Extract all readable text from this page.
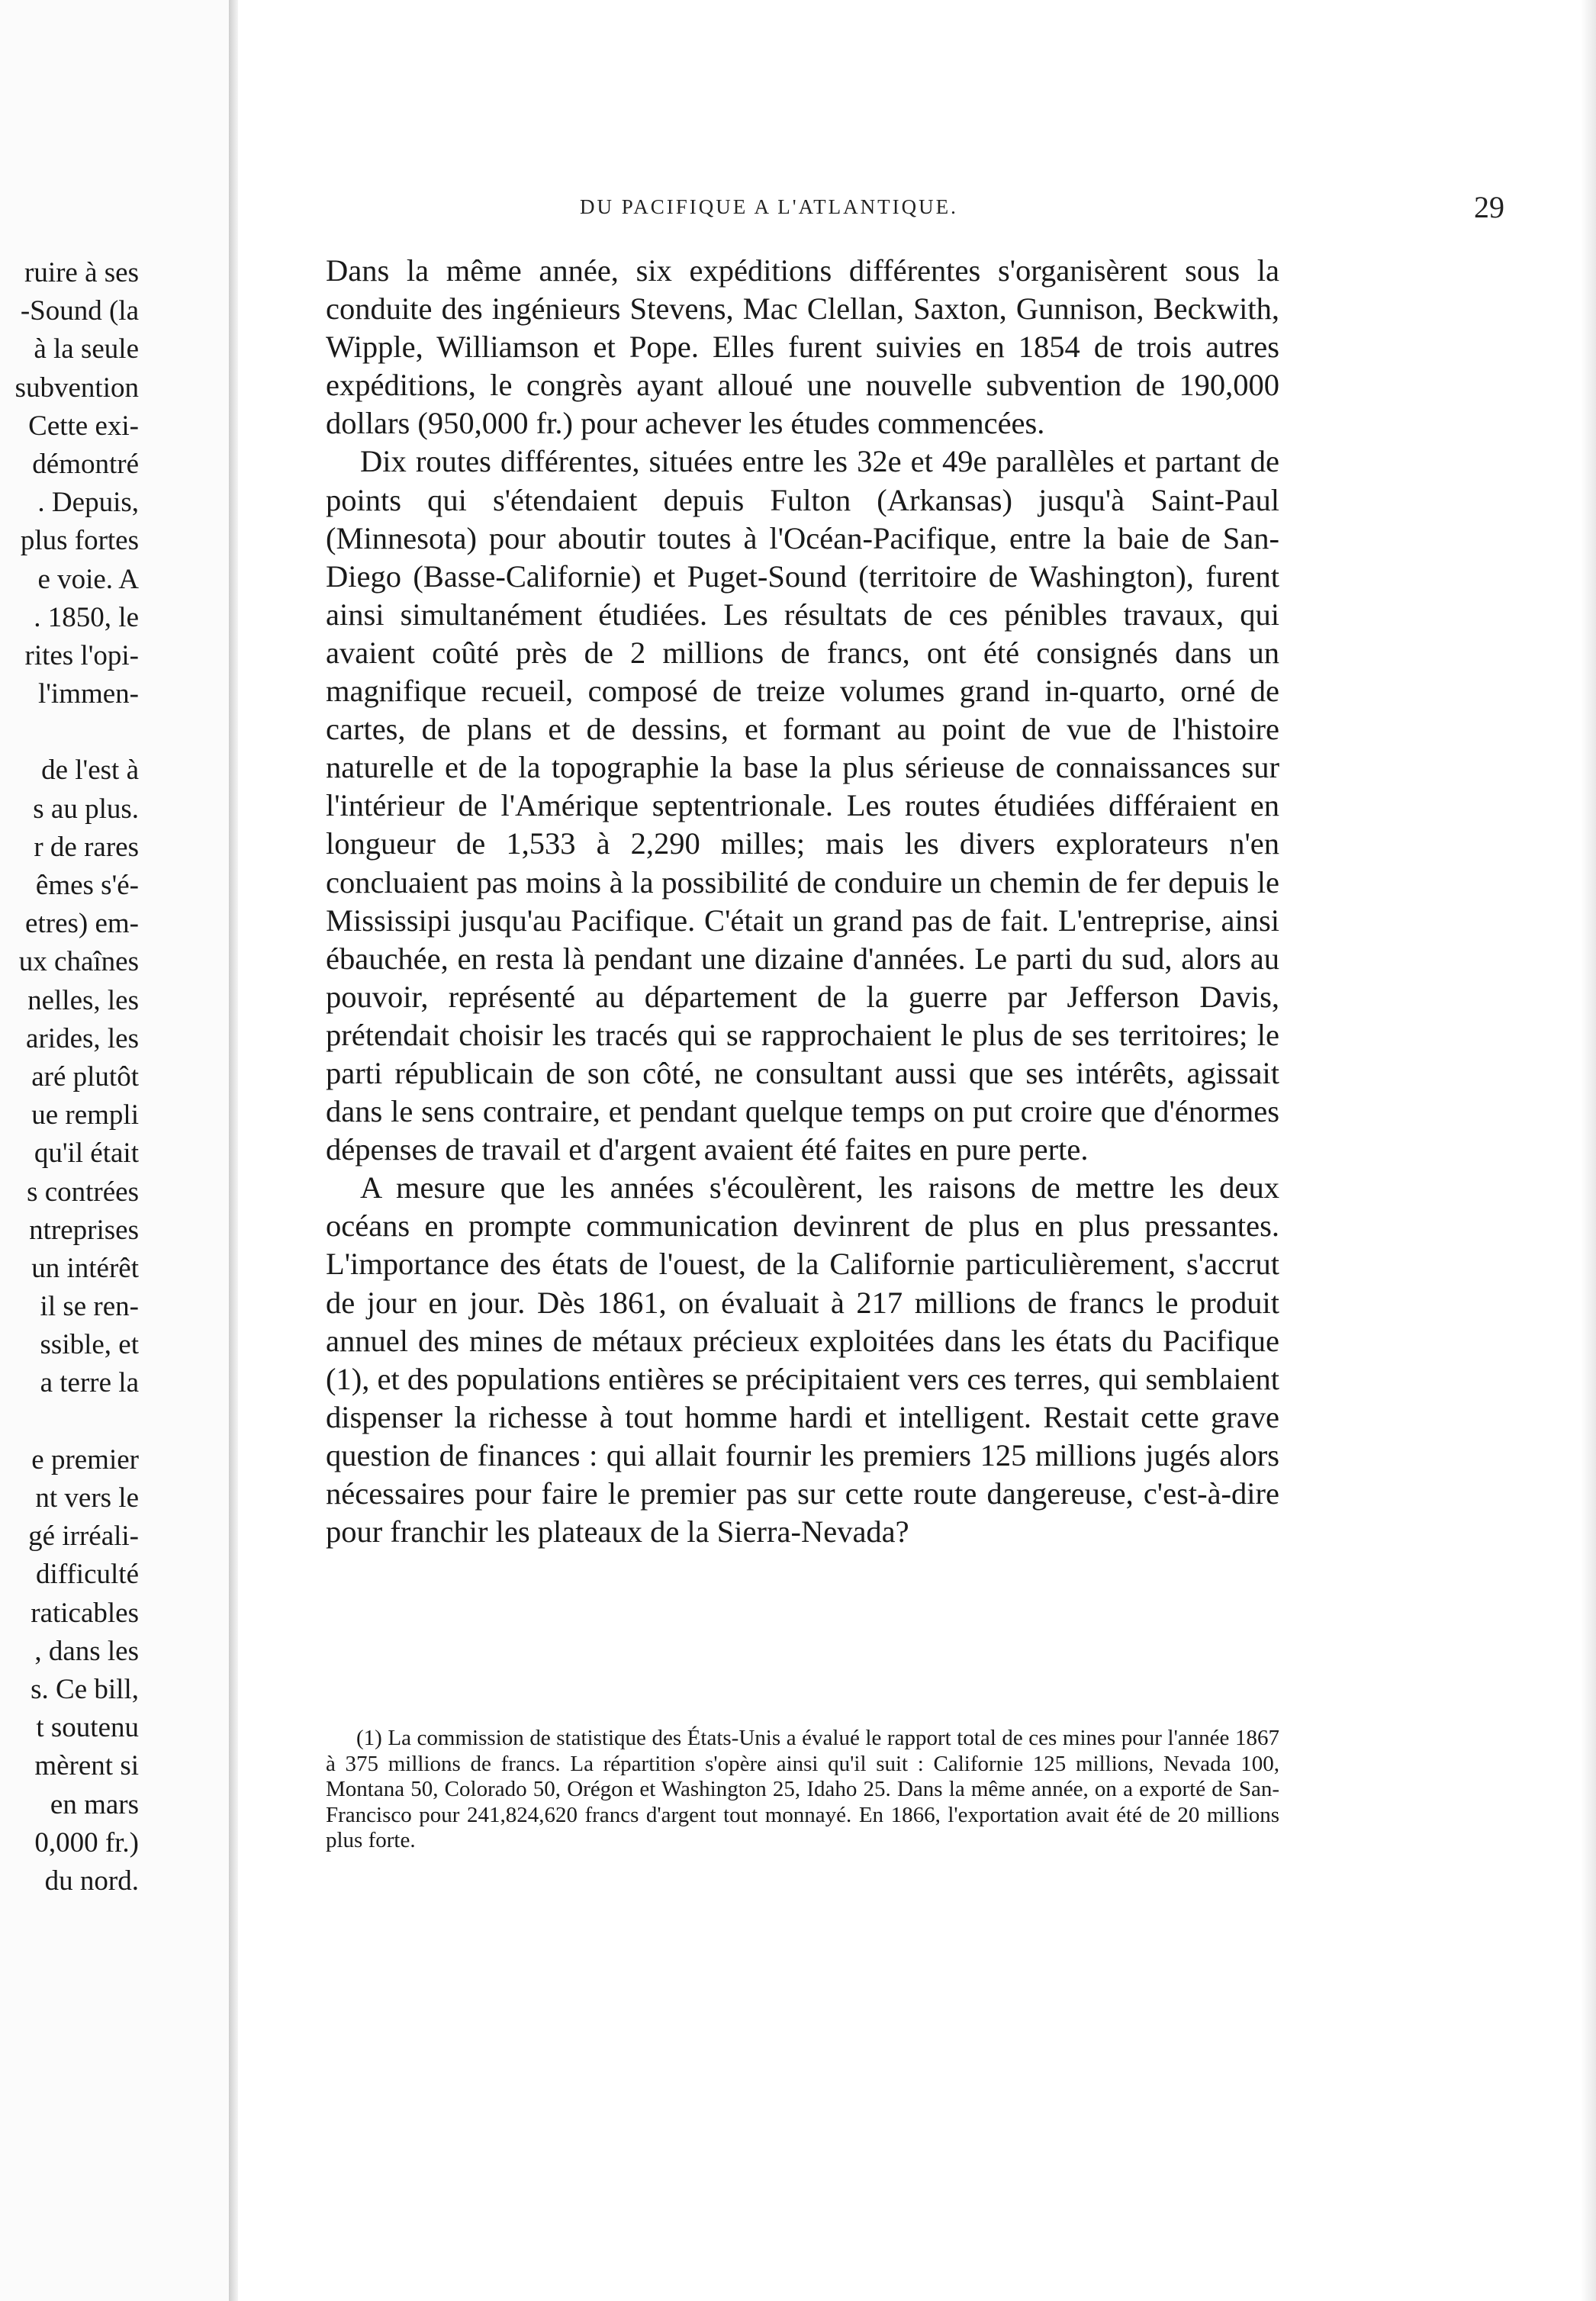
ruire à ses
-Sound (la
à la seule
subvention
Cette exi-
démontré
. Depuis,
plus fortes
e voie. A
. 1850, le
rites l'opi-
l'immen-
de l'est à
s au plus.
r de rares
êmes s'é-
etres) em-
ux chaînes
nelles, les
arides, les
aré plutôt
ue rempli
qu'il était
s contrées
ntreprises
un intérêt
il se ren-
ssible, et
a terre la
e premier
nt vers le
gé irréali-
difficulté
raticables
, dans les
s. Ce bill,
t soutenu
mèrent si
en mars
0,000 fr.)
du nord.
DU PACIFIQUE A L'ATLANTIQUE.	29

Dans la même année, six expéditions différentes s'organisèrent sous la conduite des ingénieurs Stevens, Mac Clellan, Saxton, Gunnison, Beckwith, Wipple, Williamson et Pope. Elles furent suivies en 1854 de trois autres expéditions, le congrès ayant alloué une nouvelle subvention de 190,000 dollars (950,000 fr.) pour achever les études commencées.

Dix routes différentes, situées entre les 32e et 49e parallèles et partant de points qui s'étendaient depuis Fulton (Arkansas) jusqu'à Saint-Paul (Minnesota) pour aboutir toutes à l'Océan-Pacifique, entre la baie de San-Diego (Basse-Californie) et Puget-Sound (territoire de Washington), furent ainsi simultanément étudiées. Les résultats de ces pénibles travaux, qui avaient coûté près de 2 millions de francs, ont été consignés dans un magnifique recueil, composé de treize volumes grand in-quarto, orné de cartes, de plans et de dessins, et formant au point de vue de l'histoire naturelle et de la topographie la base la plus sérieuse de connaissances sur l'intérieur de l'Amérique septentrionale. Les routes étudiées différaient en longueur de 1,533 à 2,290 milles; mais les divers explorateurs n'en concluaient pas moins à la possibilité de conduire un chemin de fer depuis le Mississipi jusqu'au Pacifique. C'était un grand pas de fait. L'entreprise, ainsi ébauchée, en resta là pendant une dizaine d'années. Le parti du sud, alors au pouvoir, représenté au département de la guerre par Jefferson Davis, prétendait choisir les tracés qui se rapprochaient le plus de ses territoires; le parti républicain de son côté, ne consultant aussi que ses intérêts, agissait dans le sens contraire, et pendant quelque temps on put croire que d'énormes dépenses de travail et d'argent avaient été faites en pure perte.

A mesure que les années s'écoulèrent, les raisons de mettre les deux océans en prompte communication devinrent de plus en plus pressantes. L'importance des états de l'ouest, de la Californie particulièrement, s'accrut de jour en jour. Dès 1861, on évaluait à 217 millions de francs le produit annuel des mines de métaux précieux exploitées dans les états du Pacifique (1), et des populations entières se précipitaient vers ces terres, qui semblaient dispenser la richesse à tout homme hardi et intelligent. Restait cette grave question de finances : qui allait fournir les premiers 125 millions jugés alors nécessaires pour faire le premier pas sur cette route dangereuse, c'est-à-dire pour franchir les plateaux de la Sierra-Nevada?

(1) La commission de statistique des États-Unis a évalué le rapport total de ces mines pour l'année 1867 à 375 millions de francs. La répartition s'opère ainsi qu'il suit : Californie 125 millions, Nevada 100, Montana 50, Colorado 50, Orégon et Washington 25, Idaho 25. Dans la même année, on a exporté de San-Francisco pour 241,824,620 francs d'argent tout monnayé. En 1866, l'exportation avait été de 20 millions plus forte.
